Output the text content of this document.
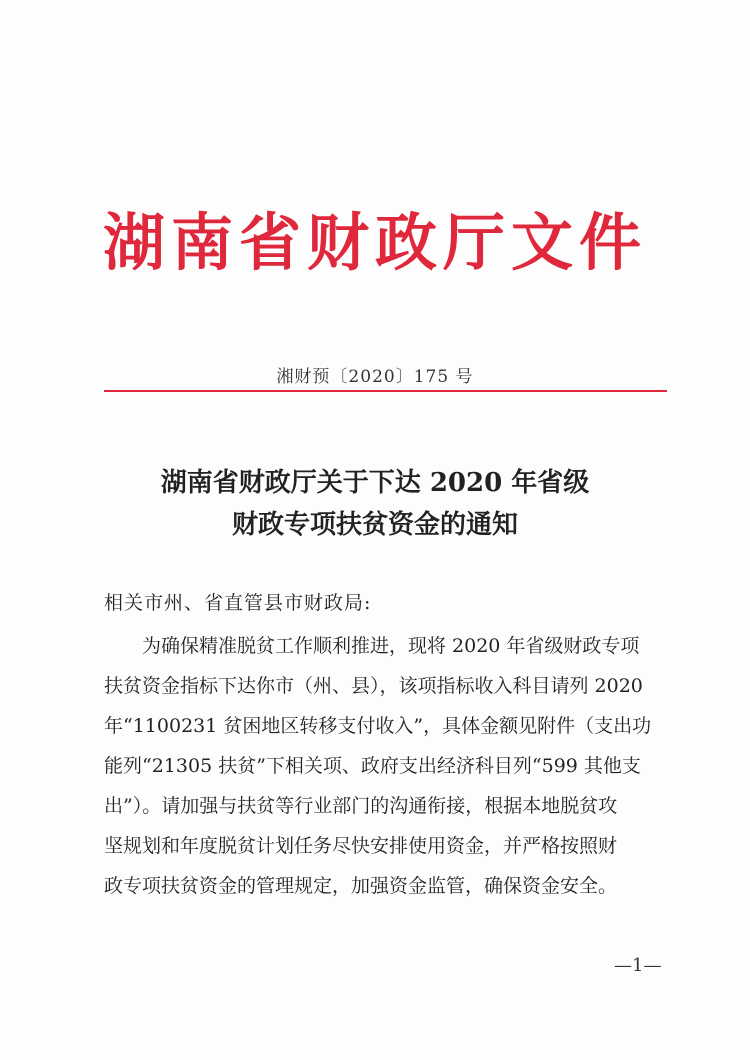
湖南省财政厅文件
湘财预〔2020〕175 号
湖南省财政厅关于下达 2020 年省级
财政专项扶贫资金的通知
相关市州、省直管县市财政局:
为确保精准脱贫工作顺利推进，现将 2020 年省级财政专项
扶贫资金指标下达你市（州、县），该项指标收入科目请列 2020
年“1100231 贫困地区转移支付收入”，具体金额见附件（支出功
能列“21305 扶贫”下相关项、政府支出经济科目列“599 其他支
出”）。请加强与扶贫等行业部门的沟通衔接，根据本地脱贫攻
坚规划和年度脱贫计划任务尽快安排使用资金，并严格按照财
政专项扶贫资金的管理规定，加强资金监管，确保资金安全。
—1—
